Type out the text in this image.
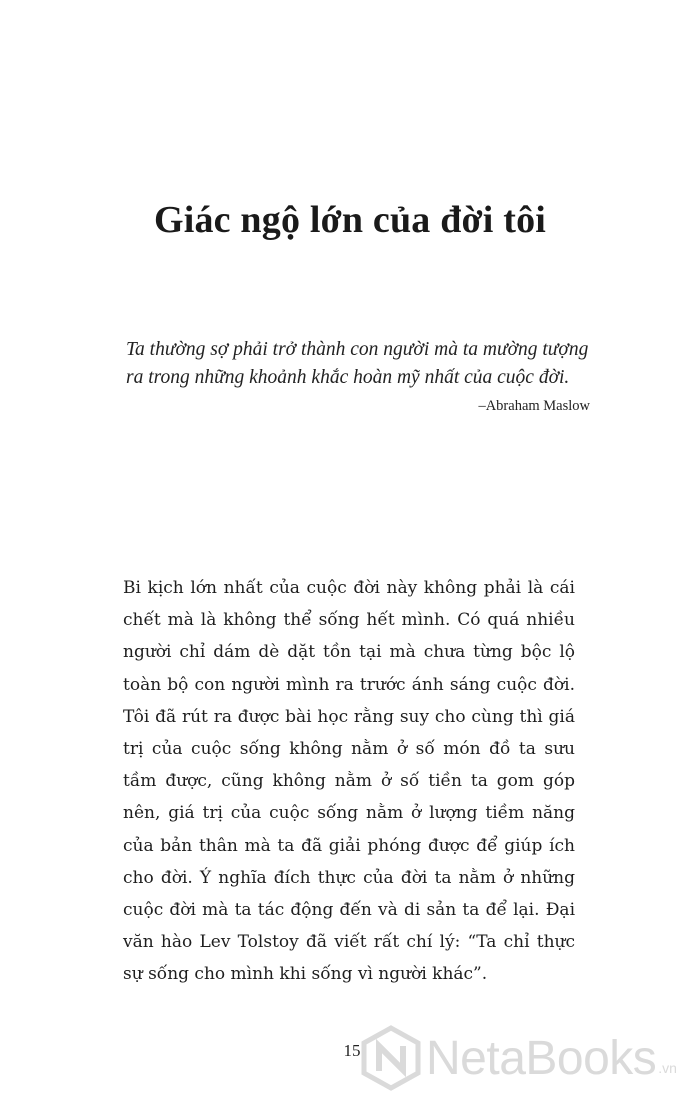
Giác ngộ lớn của đời tôi

Ta thường sợ phải trở thành con người mà ta mường tượng ra trong những khoảnh khắc hoàn mỹ nhất của cuộc đời.

–Abraham Maslow

Bi kịch lớn nhất của cuộc đời này không phải là cái chết mà là không thể sống hết mình. Có quá nhiều người chỉ dám dè dặt tồn tại mà chưa từng bộc lộ toàn bộ con người mình ra trước ánh sáng cuộc đời. Tôi đã rút ra được bài học rằng suy cho cùng thì giá trị của cuộc sống không nằm ở số món đồ ta sưu tầm được, cũng không nằm ở số tiền ta gom góp nên, giá trị của cuộc sống nằm ở lượng tiềm năng của bản thân mà ta đã giải phóng được để giúp ích cho đời. Ý nghĩa đích thực của đời ta nằm ở những cuộc đời mà ta tác động đến và di sản ta để lại. Đại văn hào Lev Tolstoy đã viết rất chí lý: “Ta chỉ thực sự sống cho mình khi sống vì người khác”.

15 NetaBooks .vn
